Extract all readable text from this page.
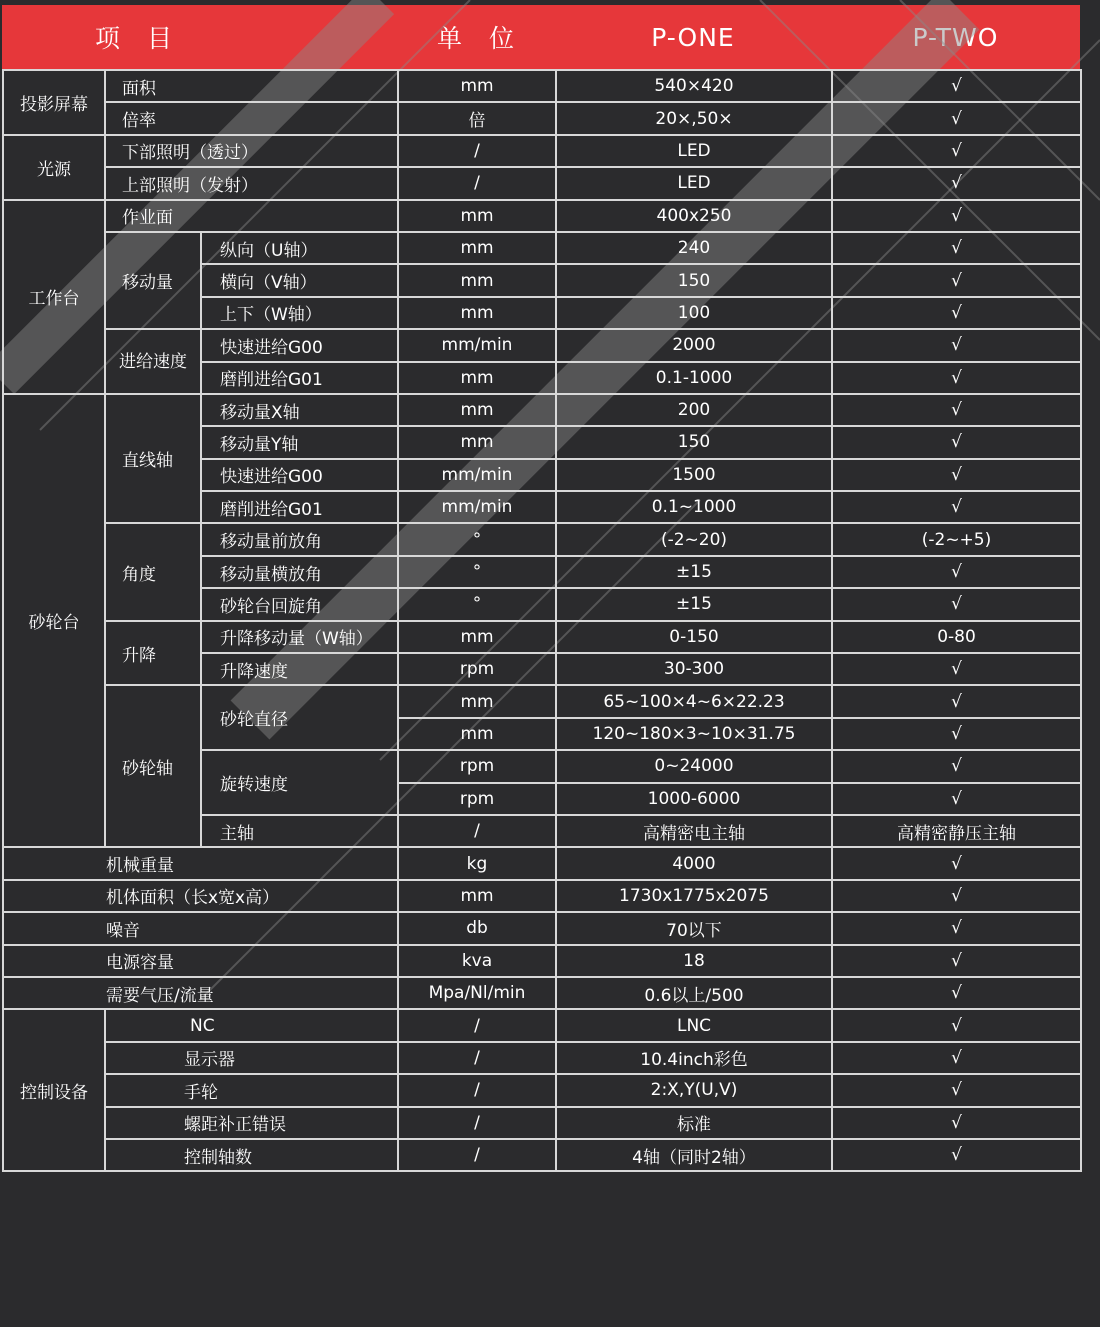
项　目	单　位	P-ONE	P-TWO
投影屏幕	面积		mm	540×420	√
	倍率		倍	20×,50×	√
光源	下部照明（透过）		/	LED	√
	上部照明（发射）		/	LED	√
工作台	作业面		mm	400x250	√
	移动量	纵向（U轴）	mm	240	√
		横向（V轴）	mm	150	√
		上下（W轴）	mm	100	√
	进给速度	快速进给G00	mm/min	2000	√
		磨削进给G01	mm	0.1-1000	√
砂轮台	直线轴	移动量X轴	mm	200	√
		移动量Y轴	mm	150	√
		快速进给G00	mm/min	1500	√
		磨削进给G01	mm/min	0.1~1000	√
	角度	移动量前放角	°	(-2~20)	(-2~+5)
		移动量横放角	°	±15	√
		砂轮台回旋角	°	±15	√
	升降	升降移动量（W轴）	mm	0-150	0-80
		升降速度	rpm	30-300	√
	砂轮轴	砂轮直径	mm	65~100×4~6×22.23	√
			mm	120~180×3~10×31.75	√
		旋转速度	rpm	0~24000	√
			rpm	1000-6000	√
		主轴	/	高精密电主轴	高精密静压主轴
机械重量			kg	4000	√
机体面积（长x宽x高）			mm	1730x1775x2075	√
噪音			db	70以下	√
电源容量			kva	18	√
需要气压/流量			Mpa/Nl/min	0.6以上/500	√
控制设备	NC		/	LNC	√
	显示器		/	10.4inch彩色	√
	手轮		/	2:X,Y(U,V)	√
	螺距补正错误		/	标准	√
	控制轴数		/	4轴（同时2轴）	√
